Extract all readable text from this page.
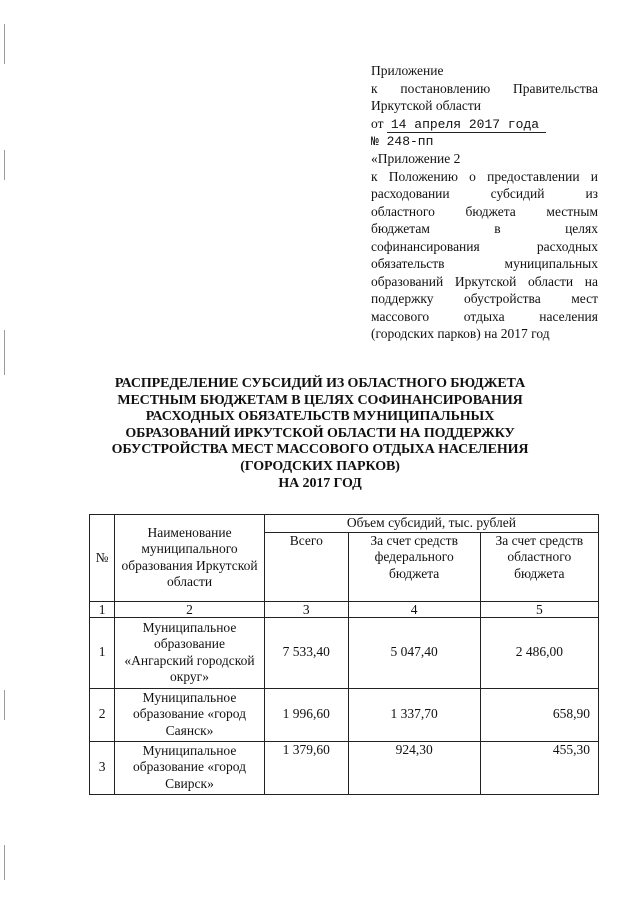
Приложение
к постановлению Правительства
Иркутской области
от 14 апреля 2017 года
№ 248-пп
«Приложение 2
к Положению о предоставлении и
расходовании субсидий из
областного бюджета местным
бюджетам в целях
софинансирования расходных
обязательств муниципальных
образований Иркутской области на
поддержку обустройства мест
массового отдыха населения
(городских парков) на 2017 год
РАСПРЕДЕЛЕНИЕ СУБСИДИЙ ИЗ ОБЛАСТНОГО БЮДЖЕТА
МЕСТНЫМ БЮДЖЕТАМ В ЦЕЛЯХ СОФИНАНСИРОВАНИЯ
РАСХОДНЫХ ОБЯЗАТЕЛЬСТВ МУНИЦИПАЛЬНЫХ
ОБРАЗОВАНИЙ ИРКУТСКОЙ ОБЛАСТИ НА ПОДДЕРЖКУ
ОБУСТРОЙСТВА МЕСТ МАССОВОГО ОТДЫХА НАСЕЛЕНИЯ
(ГОРОДСКИХ ПАРКОВ)
НА 2017 ГОД
№	Наименование муниципального образования Иркутской области	Объем субсидий, тыс. рублей		
		Всего	За счет средств федерального бюджета	За счет средств областного бюджета
1	2	3	4	5
1	Муниципальное образование «Ангарский городской округ»	7 533,40	5 047,40	2 486,00
2	Муниципальное образование «город Саянск»	1 996,60	1 337,70	658,90
3	Муниципальное образование «город Свирск»	1 379,60	924,30	455,30
